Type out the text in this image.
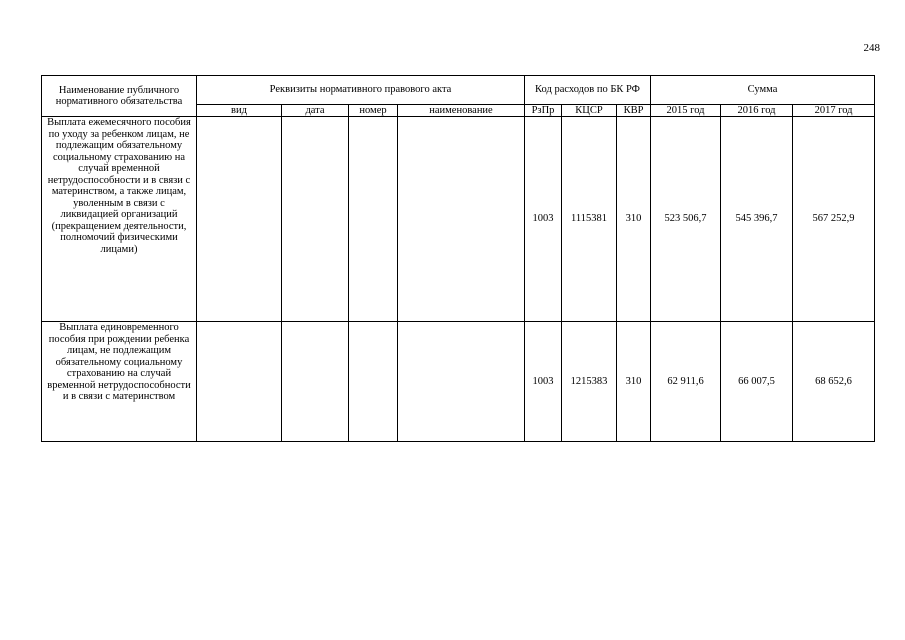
248
Наименование публичного нормативного обязательства	Реквизиты нормативного правового акта				Код расходов по БК РФ			Сумма		
	вид	дата	номер	наименование	РзПр	КЦСР	КВР	2015 год	2016 год	2017 год
Выплата ежемесячного пособия по уходу за ребенком лицам, не подлежащим обязательному социальному страхованию на случай временной нетрудоспособности и в связи с материнством, а также лицам, уволенным в связи с ликвидацией организаций (прекращением деятельности, полномочий физическими лицами)					1003	1115381	310	523 506,7	545 396,7	567 252,9
Выплата единовременного пособия при рождении ребенка лицам, не подлежащим обязательному социальному страхованию на случай временной нетрудоспособности и в связи с материнством					1003	1215383	310	62 911,6	66 007,5	68 652,6
